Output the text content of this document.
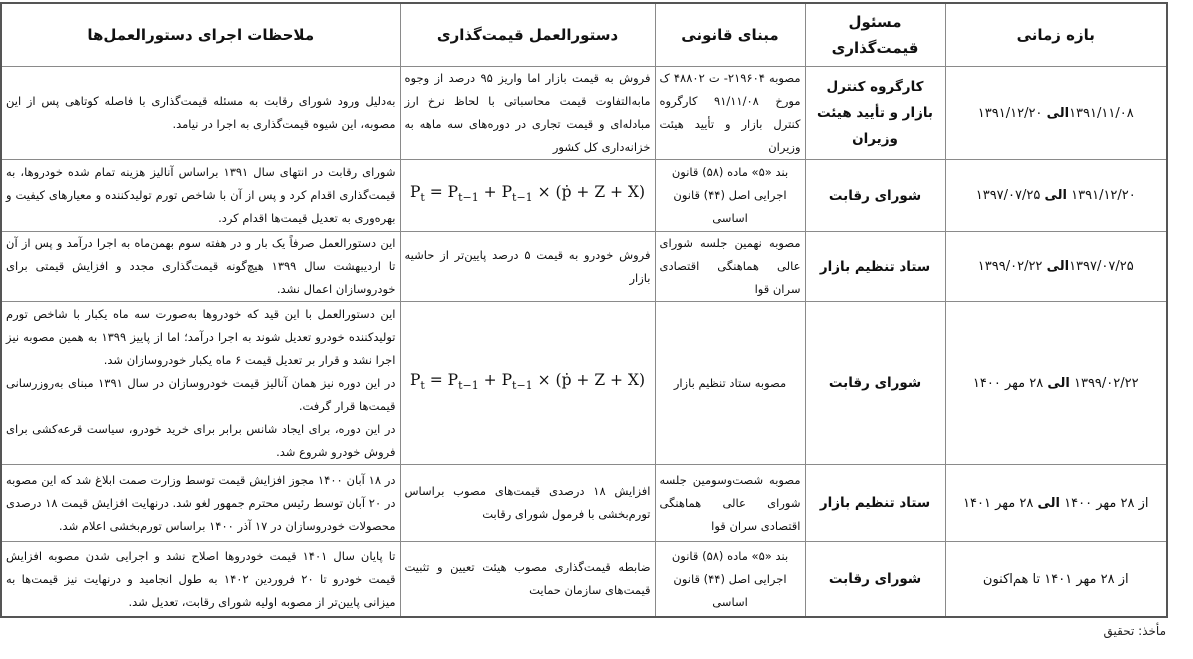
بازه زمانی	مسئول قیمت‌گذاری	مبنای قانونی	دستورالعمل قیمت‌گذاری	ملاحظات اجرای دستورالعمل‌ها
۱۳۹۱/۱۱/۰۸الی ۱۳۹۱/۱۲/۲۰	کارگروه کنترل بازار و تأیید هیئت وزیران	مصوبه ۲۱۹۶۰۴- ت ۴۸۸۰۲ ک مورخ ۹۱/۱۱/۰۸ کارگروه کنترل بازار و تأیید هیئت وزیران	فروش به قیمت بازار اما واریز ۹۵ درصد از وجوه مابه‌التفاوت قیمت محاسباتی با لحاظ نرخ ارز مبادله‌ای و قیمت تجاری در دوره‌های سه ماهه به خزانه‌داری کل کشور	به‌دلیل ورود شورای رقابت به مسئله قیمت‌گذاری با فاصله کوتاهی پس از این مصوبه، این شیوه قیمت‌گذاری به اجرا در نیامد.
۱۳۹۱/۱۲/۲۰ الی ۱۳۹۷/۰۷/۲۵	شورای رقابت	بند «۵» ماده (۵۸) قانون اجرایی اصل (۴۴) قانون اساسی	$P_t = P_{t-1} + P_{t-1}$ × (ṗ + Z + X)	شورای رقابت در انتهای سال ۱۳۹۱ براساس آنالیز هزینه تمام شده خودروها، به قیمت‌گذاری اقدام کرد و پس از آن با شاخص تورم تولیدکننده و معیارهای کیفیت و بهره‌وری به تعدیل قیمت‌ها اقدام کرد.
۱۳۹۷/۰۷/۲۵الی ۱۳۹۹/۰۲/۲۲	ستاد تنظیم بازار	مصوبه نهمین جلسه شورای عالی هماهنگی اقتصادی سران قوا	فروش خودرو به قیمت ۵ درصد پایین‌تر از حاشیه بازار	این دستورالعمل صرفاً یک بار و در هفته سوم بهمن‌ماه به اجرا درآمد و پس از آن تا اردیبهشت سال ۱۳۹۹ هیچ‌گونه قیمت‌گذاری مجدد و افزایش قیمتی برای خودروسازان اعمال نشد.
۱۳۹۹/۰۲/۲۲ الی ۲۸ مهر ۱۴۰۰	شورای رقابت	مصوبه ستاد تنظیم بازار	$P_t = P_{t-1} + P_{t-1}$ × (ṗ + Z + X)	این دستورالعمل با این قید که خودروها به‌صورت سه ماه یکبار با شاخص تورم تولیدکننده خودرو تعدیل شوند به اجرا درآمد؛ اما از پاییز ۱۳۹۹ به همین مصوبه نیز اجرا نشد و قرار بر تعدیل قیمت ۶ ماه یکبار خودروسازان شد.
در این دوره نیز همان آنالیز قیمت خودروسازان در سال ۱۳۹۱ مبنای به‌روزرسانی قیمت‌ها قرار گرفت.
در این دوره، برای ایجاد شانس برابر برای خرید خودرو، سیاست قرعه‌کشی برای فروش خودرو شروع شد.

از ۲۸ مهر ۱۴۰۰ الی ۲۸ مهر ۱۴۰۱	ستاد تنظیم بازار	مصوبه شصت‌وسومین جلسه شورای عالی هماهنگی اقتصادی سران قوا	افزایش ۱۸ درصدی قیمت‌های مصوب براساس تورم‌بخشی با فرمول شورای رقابت	در ۱۸ آبان ۱۴۰۰ مجوز افزایش قیمت توسط وزارت صمت ابلاغ شد که این مصوبه در ۲۰ آبان توسط رئیس محترم جمهور لغو شد. درنهایت افزایش قیمت ۱۸ درصدی محصولات خودروسازان در ۱۷ آذر ۱۴۰۰ براساس تورم‌بخشی اعلام شد.
از ۲۸ مهر ۱۴۰۱ تا هم‌اکنون	شورای رقابت	بند «۵» ماده (۵۸) قانون اجرایی اصل (۴۴) قانون اساسی	ضابطه قیمت‌گذاری مصوب هیئت تعیین و تثبیت قیمت‌های سازمان حمایت	تا پایان سال ۱۴۰۱ قیمت خودروها اصلاح نشد و اجرایی شدن مصوبه افزایش قیمت خودرو تا ۲۰ فروردین ۱۴۰۲ به طول انجامید و درنهایت نیز قیمت‌ها به میزانی پایین‌تر از مصوبه اولیه شورای رقابت، تعدیل شد.
مأخذ: تحقیق
